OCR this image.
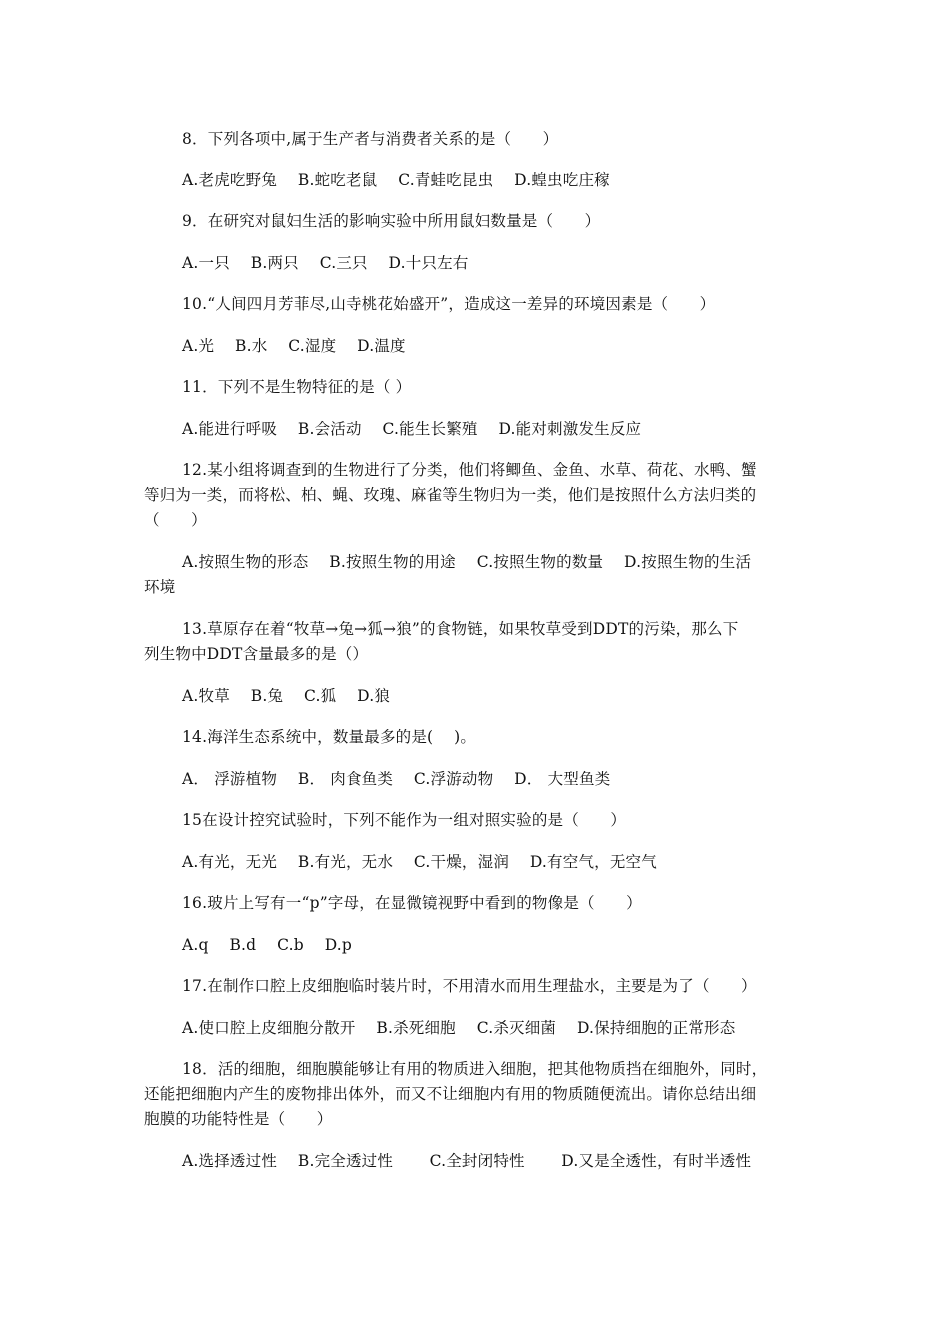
8．下列各项中,属于生产者与消费者关系的是（　　）
A.老虎吃野兔　 B.蛇吃老鼠　 C.青蛙吃昆虫　 D.蝗虫吃庄稼
9．在研究对鼠妇生活的影响实验中所用鼠妇数量是（　　）
A.一只　 B.两只　 C.三只　 D.十只左右
10.“人间四月芳菲尽,山寺桃花始盛开”，造成这一差异的环境因素是（　　）
A.光　 B.水　 C.湿度　 D.温度
11．下列不是生物特征的是（ ）
A.能进行呼吸　 B.会活动　 C.能生长繁殖　 D.能对刺激发生反应
12.某小组将调查到的生物进行了分类，他们将鲫鱼、金鱼、水草、荷花、水鸭、蟹
等归为一类，而将松、柏、蝇、玫瑰、麻雀等生物归为一类，他们是按照什么方法归类的
（　　）
A.按照生物的形态　 B.按照生物的用途　 C.按照生物的数量　 D.按照生物的生活
环境
13.草原存在着“牧草→兔→狐→狼”的食物链，如果牧草受到DDT的污染，那么下
列生物中DDT含量最多的是（）
A.牧草　 B.兔　 C.狐　 D.狼
14.海洋生态系统中，数量最多的是(　 )。
A． 浮游植物　 B． 肉食鱼类　 C.浮游动物　 D． 大型鱼类
15在设计控究试验时，下列不能作为一组对照实验的是（　　）
A.有光，无光　 B.有光，无水　 C.干燥，湿润　 D.有空气，无空气
16.玻片上写有一“p”字母，在显微镜视野中看到的物像是（　　）
A.q　 B.d　 C.b　 D.p
17.在制作口腔上皮细胞临时装片时，不用清水而用生理盐水，主要是为了（　　）
A.使口腔上皮细胞分散开　 B.杀死细胞　 C.杀灭细菌　 D.保持细胞的正常形态
18．活的细胞，细胞膜能够让有用的物质进入细胞，把其他物质挡在细胞外，同时，
还能把细胞内产生的废物排出体外，而又不让细胞内有用的物质随便流出。请你总结出细
胞膜的功能特性是（　　）
A.选择透过性　 B.完全透过性　　 C.全封闭特性　　 D.又是全透性，有时半透性
